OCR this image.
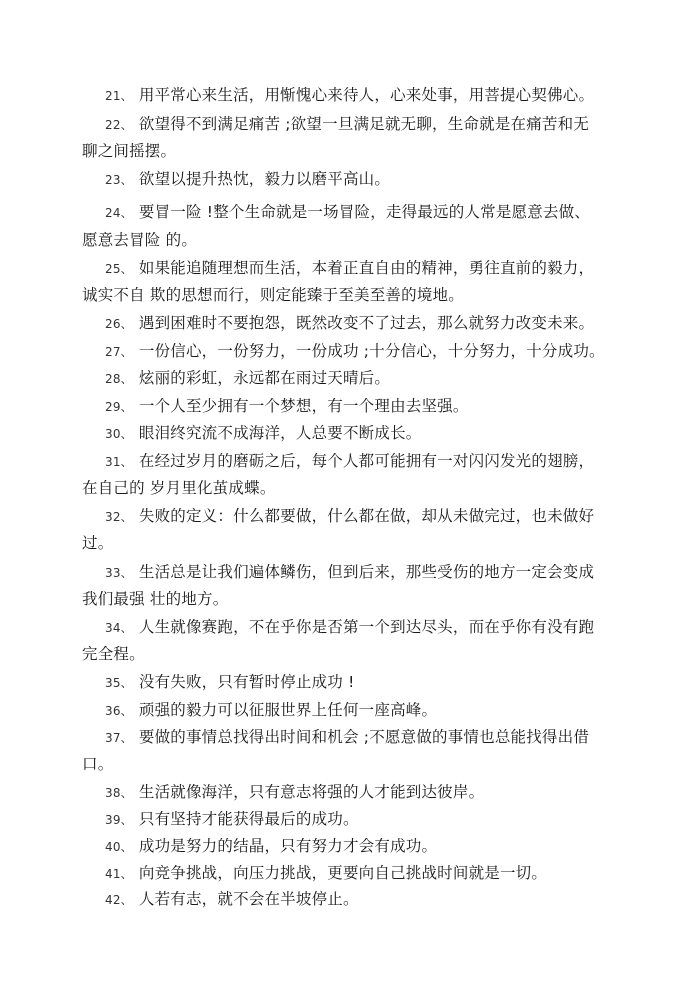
21、 用平常心来生活，用惭愧心来待人，心来处事，用菩提心契佛心。
22、 欲望得不到满足痛苦 ;欲望一旦满足就无聊，生命就是在痛苦和无
聊之间摇摆。
23、 欲望以提升热忱，毅力以磨平高山。
24、 要冒一险 !整个生命就是一场冒险，走得最远的人常是愿意去做、
愿意去冒险 的。
25、 如果能追随理想而生活，本着正直自由的精神，勇往直前的毅力，
诚实不自 欺的思想而行，则定能臻于至美至善的境地。
26、 遇到困难时不要抱怨，既然改变不了过去，那么就努力改变未来。
27、 一份信心，一份努力，一份成功 ;十分信心，十分努力，十分成功。
28、 炫丽的彩虹，永远都在雨过天晴后。
29、 一个人至少拥有一个梦想，有一个理由去坚强。
30、 眼泪终究流不成海洋，人总要不断成长。
31、 在经过岁月的磨砺之后，每个人都可能拥有一对闪闪发光的翅膀，
在自己的 岁月里化茧成蝶。
32、 失败的定义：什么都要做，什么都在做，却从未做完过，也未做好
过。
33、 生活总是让我们遍体鳞伤，但到后来，那些受伤的地方一定会变成
我们最强 壮的地方。
34、 人生就像赛跑，不在乎你是否第一个到达尽头，而在乎你有没有跑
完全程。
35、 没有失败，只有暂时停止成功 !
36、 顽强的毅力可以征服世界上任何一座高峰。
37、 要做的事情总找得出时间和机会 ;不愿意做的事情也总能找得出借
口。
38、 生活就像海洋，只有意志将强的人才能到达彼岸。
39、 只有坚持才能获得最后的成功。
40、 成功是努力的结晶，只有努力才会有成功。
41、 向竞争挑战，向压力挑战，更要向自己挑战时间就是一切。
42、 人若有志，就不会在半坡停止。
